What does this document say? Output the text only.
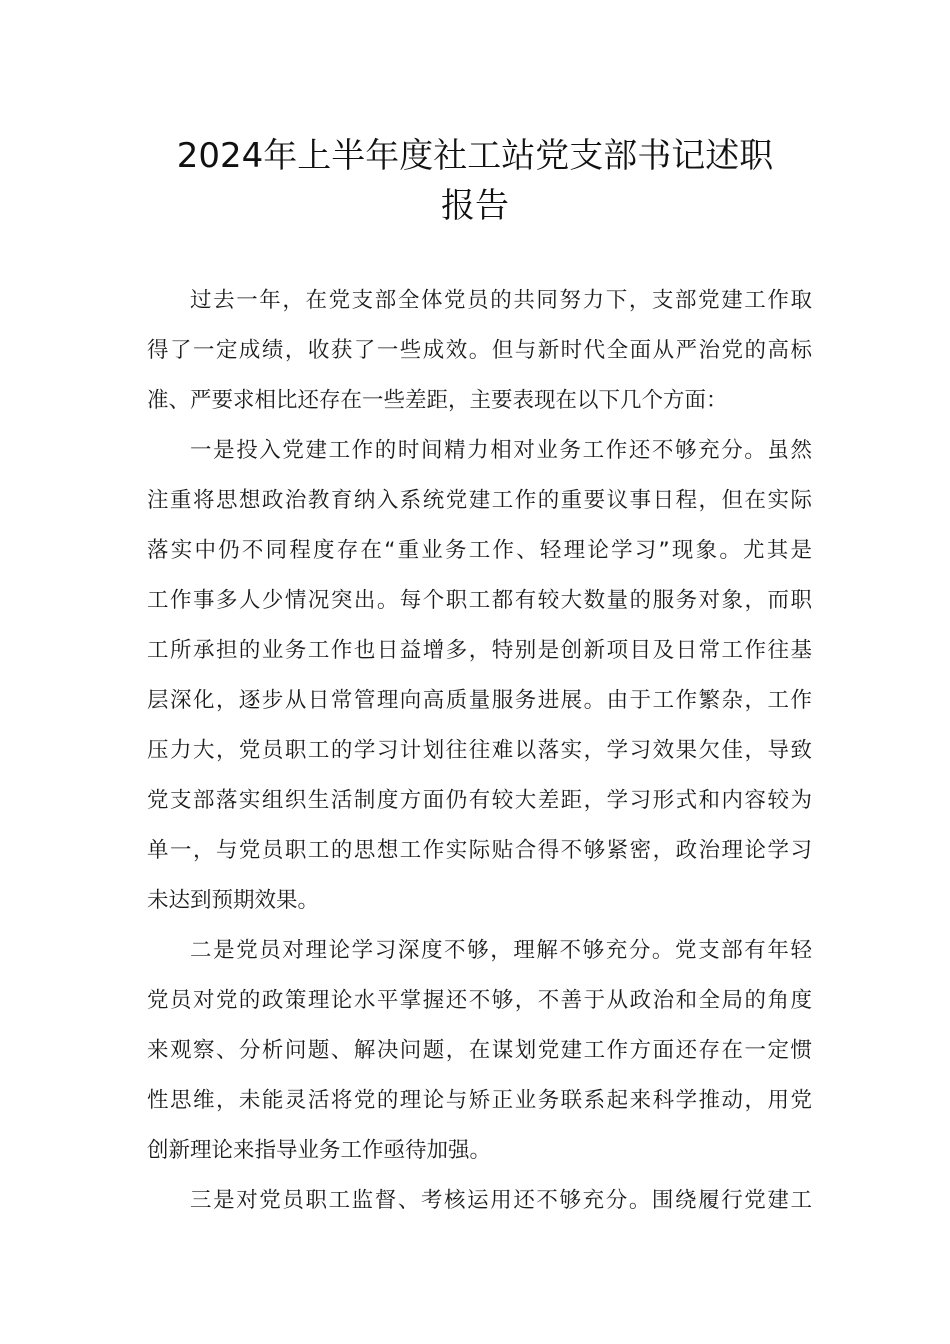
2024年上半年度社工站党支部书记述职
报告
过去一年，在党支部全体党员的共同努力下，支部党建工作取
得了一定成绩，收获了一些成效。但与新时代全面从严治党的高标
准、严要求相比还存在一些差距，主要表现在以下几个方面：
一是投入党建工作的时间精力相对业务工作还不够充分。虽然
注重将思想政治教育纳入系统党建工作的重要议事日程，但在实际
落实中仍不同程度存在“重业务工作、轻理论学习”现象。尤其是
工作事多人少情况突出。每个职工都有较大数量的服务对象，而职
工所承担的业务工作也日益增多，特别是创新项目及日常工作往基
层深化，逐步从日常管理向高质量服务进展。由于工作繁杂，工作
压力大，党员职工的学习计划往往难以落实，学习效果欠佳，导致
党支部落实组织生活制度方面仍有较大差距，学习形式和内容较为
单一，与党员职工的思想工作实际贴合得不够紧密，政治理论学习
未达到预期效果。
二是党员对理论学习深度不够，理解不够充分。党支部有年轻
党员对党的政策理论水平掌握还不够，不善于从政治和全局的角度
来观察、分析问题、解决问题，在谋划党建工作方面还存在一定惯
性思维，未能灵活将党的理论与矫正业务联系起来科学推动，用党
创新理论来指导业务工作亟待加强。
三是对党员职工监督、考核运用还不够充分。围绕履行党建工
